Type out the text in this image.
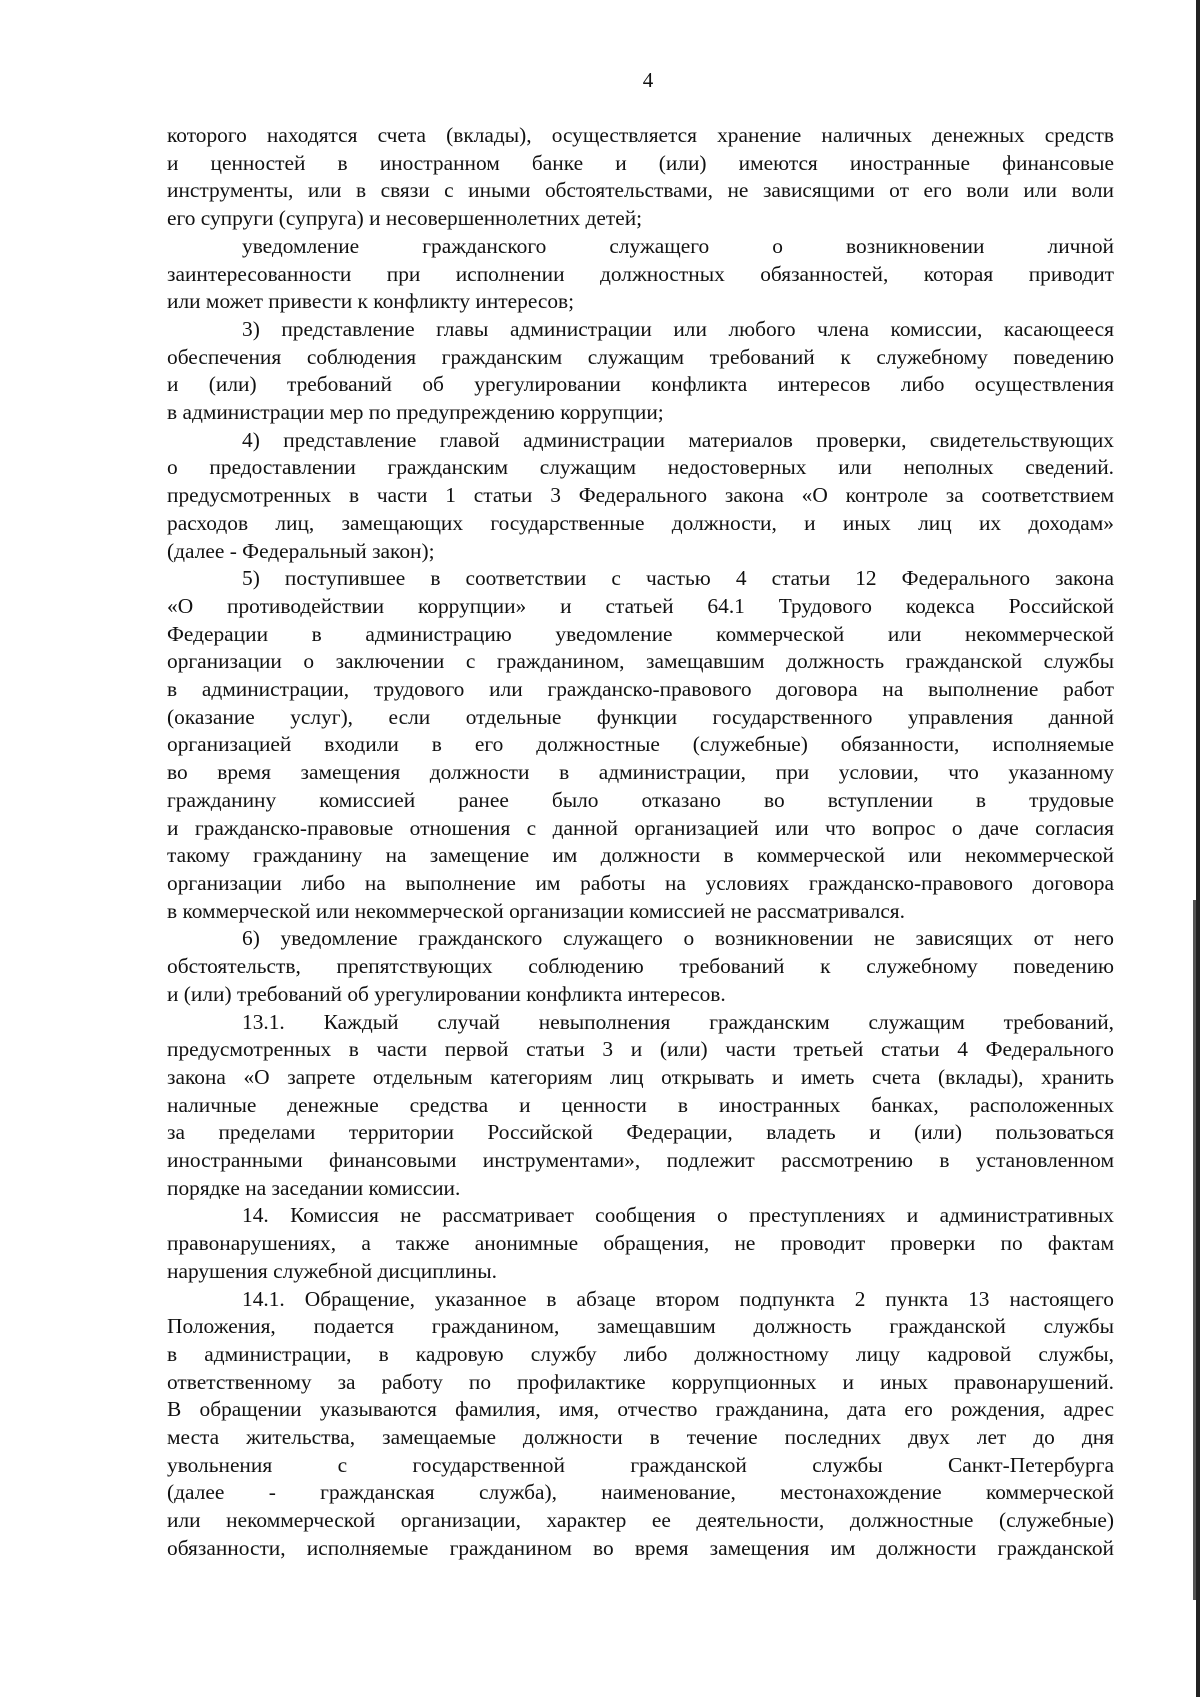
4
которого находятся счета (вклады), осуществляется хранение наличных денежных средств
и ценностей в иностранном банке и (или) имеются иностранные финансовые
инструменты, или в связи с иными обстоятельствами, не зависящими от его воли или воли
его супруги (супруга) и несовершеннолетних детей;
уведомление гражданского служащего о возникновении личной
заинтересованности при исполнении должностных обязанностей, которая приводит
или может привести к конфликту интересов;
3) представление главы администрации или любого члена комиссии, касающееся
обеспечения соблюдения гражданским служащим требований к служебному поведению
и (или) требований об урегулировании конфликта интересов либо осуществления
в администрации мер по предупреждению коррупции;
4) представление главой администрации материалов проверки, свидетельствующих
о предоставлении гражданским служащим недостоверных или неполных сведений.
предусмотренных в части 1 статьи 3 Федерального закона «О контроле за соответствием
расходов лиц, замещающих государственные должности, и иных лиц их доходам»
(далее - Федеральный закон);
5) поступившее в соответствии с частью 4 статьи 12 Федерального закона
«О противодействии коррупции» и статьей 64.1 Трудового кодекса Российской
Федерации в администрацию уведомление коммерческой или некоммерческой
организации о заключении с гражданином, замещавшим должность гражданской службы
в администрации, трудового или гражданско-правового договора на выполнение работ
(оказание услуг), если отдельные функции государственного управления данной
организацией входили в его должностные (служебные) обязанности, исполняемые
во время замещения должности в администрации, при условии, что указанному
гражданину комиссией ранее было отказано во вступлении в трудовые
и гражданско-правовые отношения с данной организацией или что вопрос о даче согласия
такому гражданину на замещение им должности в коммерческой или некоммерческой
организации либо на выполнение им работы на условиях гражданско-правового договора
в коммерческой или некоммерческой организации комиссией не рассматривался.
6) уведомление гражданского служащего о возникновении не зависящих от него
обстоятельств, препятствующих соблюдению требований к служебному поведению
и (или) требований об урегулировании конфликта интересов.
13.1. Каждый случай невыполнения гражданским служащим требований,
предусмотренных в части первой статьи 3 и (или) части третьей статьи 4 Федерального
закона «О запрете отдельным категориям лиц открывать и иметь счета (вклады), хранить
наличные денежные средства и ценности в иностранных банках, расположенных
за пределами территории Российской Федерации, владеть и (или) пользоваться
иностранными финансовыми инструментами», подлежит рассмотрению в установленном
порядке на заседании комиссии.
14. Комиссия не рассматривает сообщения о преступлениях и административных
правонарушениях, а также анонимные обращения, не проводит проверки по фактам
нарушения служебной дисциплины.
14.1. Обращение, указанное в абзаце втором подпункта 2 пункта 13 настоящего
Положения, подается гражданином, замещавшим должность гражданской службы
в администрации, в кадровую службу либо должностному лицу кадровой службы,
ответственному за работу по профилактике коррупционных и иных правонарушений.
В обращении указываются фамилия, имя, отчество гражданина, дата его рождения, адрес
места жительства, замещаемые должности в течение последних двух лет до дня
увольнения с государственной гражданской службы Санкт-Петербурга
(далее - гражданская служба), наименование, местонахождение коммерческой
или некоммерческой организации, характер ее деятельности, должностные (служебные)
обязанности, исполняемые гражданином во время замещения им должности гражданской
